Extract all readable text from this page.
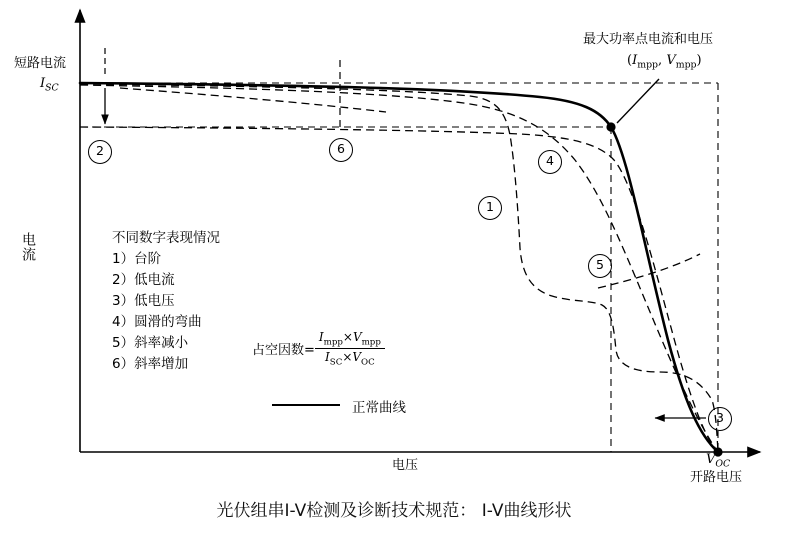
电流
电压
短路电流
$I_{SC}$
$V_{OC}$
开路电压
最大功率点电流和电压
($I_{mpp}$, $V_{mpp}$)
不同数字表现情况
1）台阶
2）低电流
3）低电压
4）圆滑的弯曲
5）斜率减小
6）斜率增加
占空因数= $\frac{I_{mpp}\times V_{mpp}}{I_{SC}\times V_{OC}}$
正常曲线
2	6
1
4
5
3
光伏组串I-V检测及诊断技术规范： I-V曲线形状
